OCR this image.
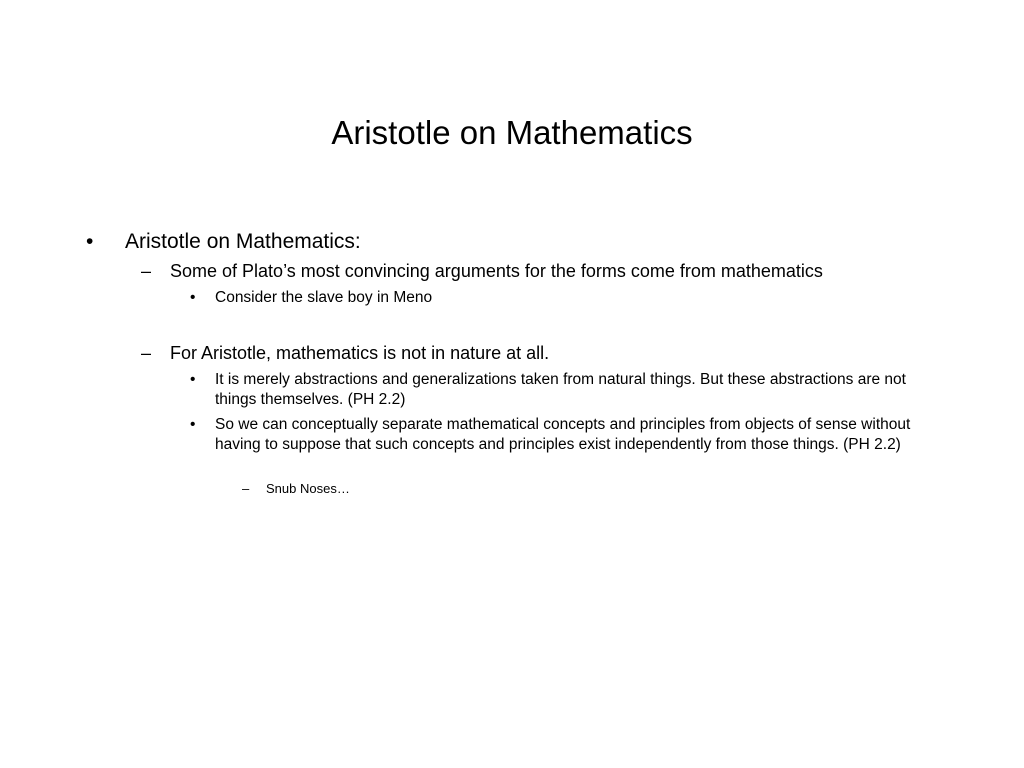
Aristotle on Mathematics
• Aristotle on Mathematics:
– Some of Plato’s most convincing arguments for the forms come from mathematics
• Consider the slave boy in Meno
– For Aristotle, mathematics is not in nature at all.
• It is merely abstractions and generalizations taken from natural things. But these abstractions are not things themselves. (PH 2.2)
• So we can conceptually separate mathematical concepts and principles from objects of sense without having to suppose that such concepts and principles exist independently from those things. (PH 2.2)
– Snub Noses…
